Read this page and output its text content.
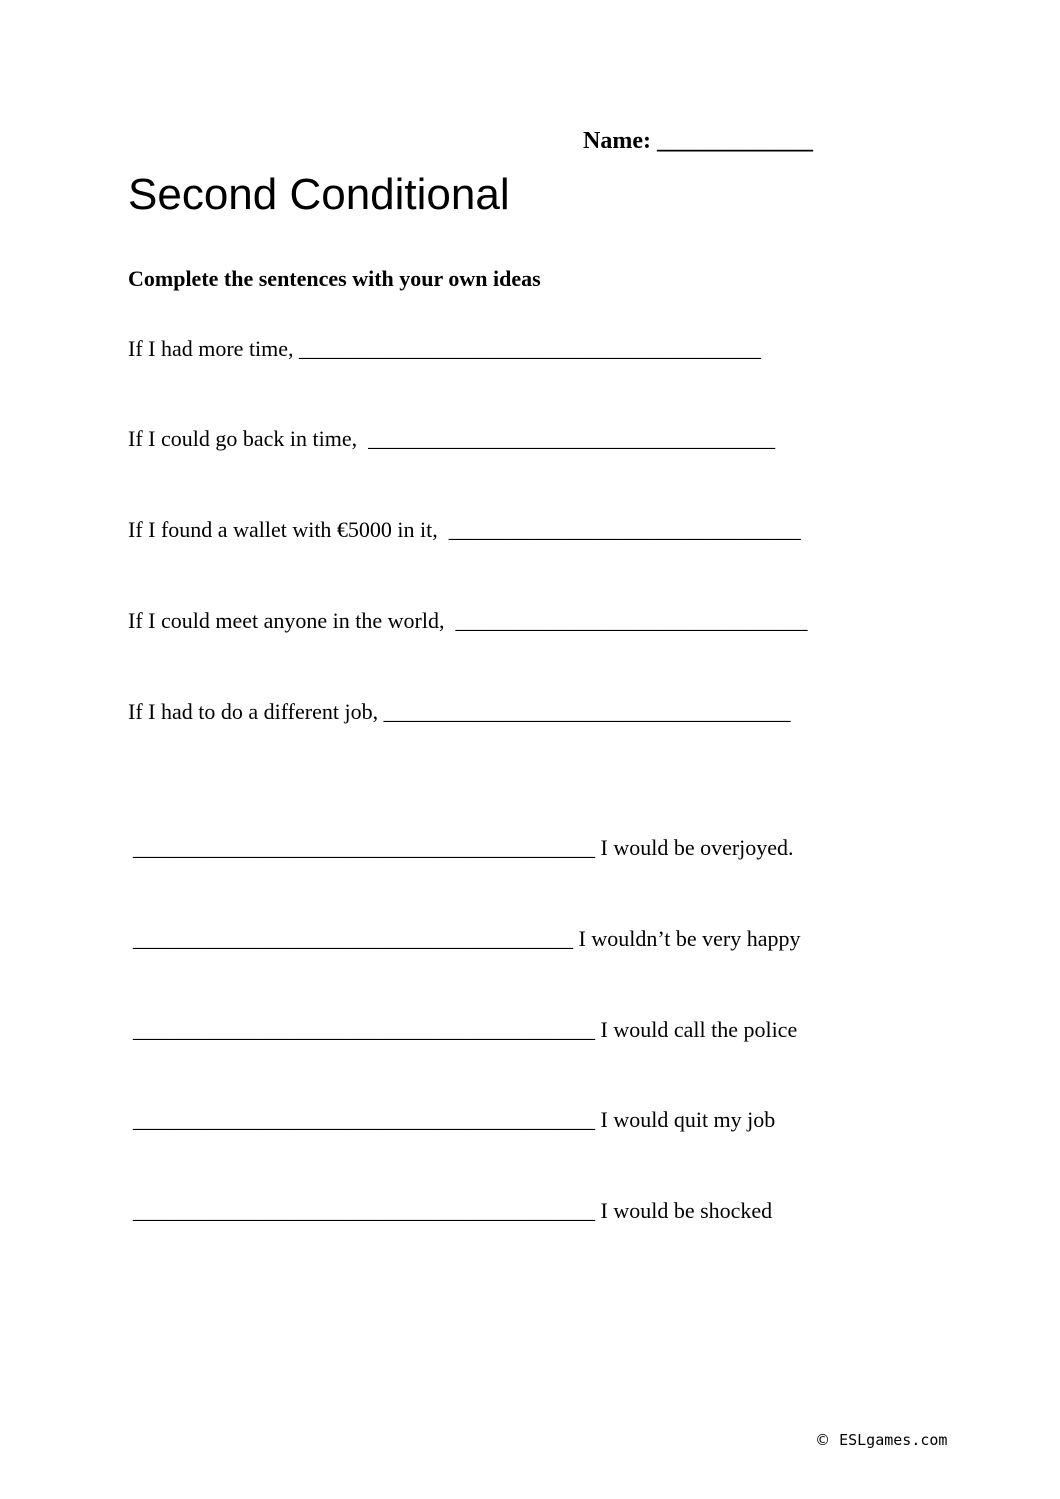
Name: _____________
Second Conditional
Complete the sentences with your own ideas
If I had more time, __________________________________________
If I could go back in time,  _____________________________________
If I found a wallet with €5000 in it,  ________________________________
If I could meet anyone in the world,  ________________________________
If I had to do a different job, _____________________________________
__________________________________________ I would be overjoyed.
________________________________________ I wouldn’t be very happy
__________________________________________ I would call the police
__________________________________________ I would quit my job
__________________________________________ I would be shocked

© ESLgames.com
